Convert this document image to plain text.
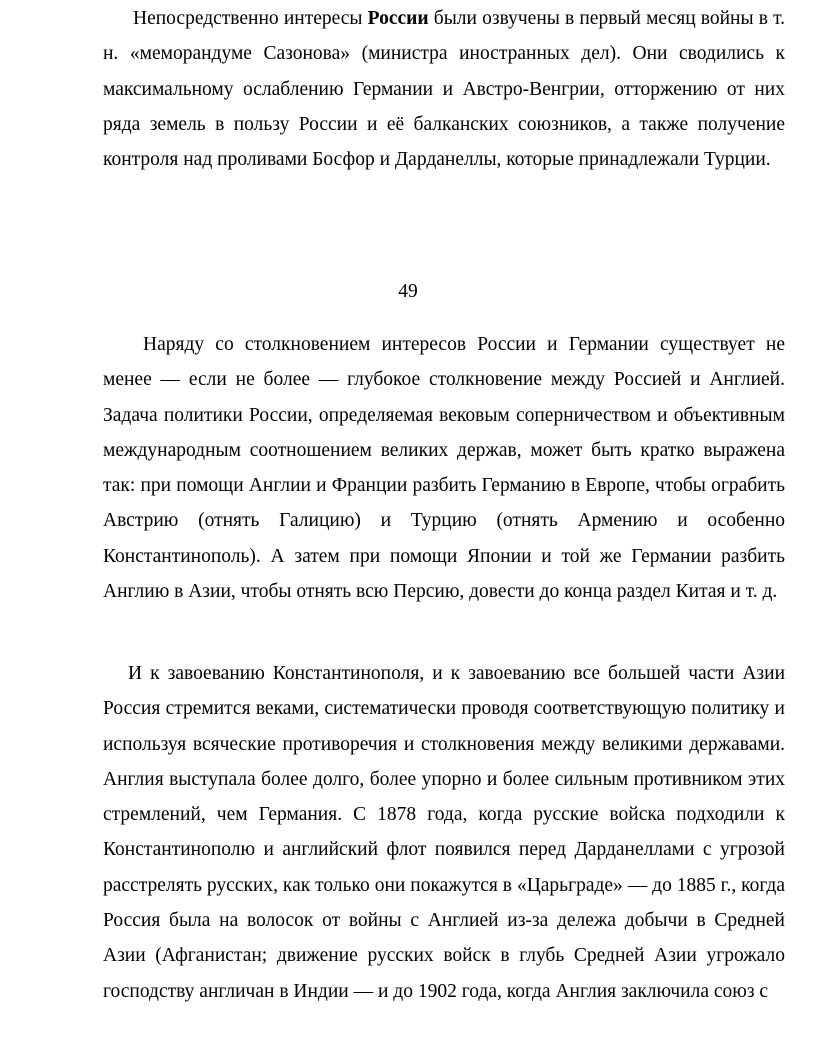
Непосредственно интересы России были озвучены в первый месяц войны в т. н. «меморандуме Сазонова» (министра иностранных дел). Они сводились к максимальному ослаблению Германии и Австро-Венгрии, отторжению от них ряда земель в пользу России и её балканских союзников, а также получение контроля над проливами Босфор и Дарданеллы, которые принадлежали Турции.

49

Наряду со столкновением интересов России и Германии существует не менее — если не более — глубокое столкновение между Россией и Англией. Задача политики России, определяемая вековым соперничеством и объективным международным соотношением великих держав, может быть кратко выражена так: при помощи Англии и Франции разбить Германию в Европе, чтобы ограбить Австрию (отнять Галицию) и Турцию (отнять Армению и особенно Константинополь). А затем при помощи Японии и той же Германии разбить Англию в Азии, чтобы отнять всю Персию, довести до конца раздел Китая и т. д.

И к завоеванию Константинополя, и к завоеванию все большей части Азии Россия стремится веками, систематически проводя соответствующую политику и используя всяческие противоречия и столкновения между великими державами. Англия выступала более долго, более упорно и более сильным противником этих стремлений, чем Германия. С 1878 года, когда русские войска подходили к Константинополю и английский флот появился перед Дарданеллами с угрозой расстрелять русских, как только они покажутся в «Царьграде» — до 1885 г., когда Россия была на волосок от войны с Англией из-за дележа добычи в Средней Азии (Афганистан; движение русских войск в глубь Средней Азии угрожало господству англичан в Индии — и до 1902 года, когда Англия заключила союз с
